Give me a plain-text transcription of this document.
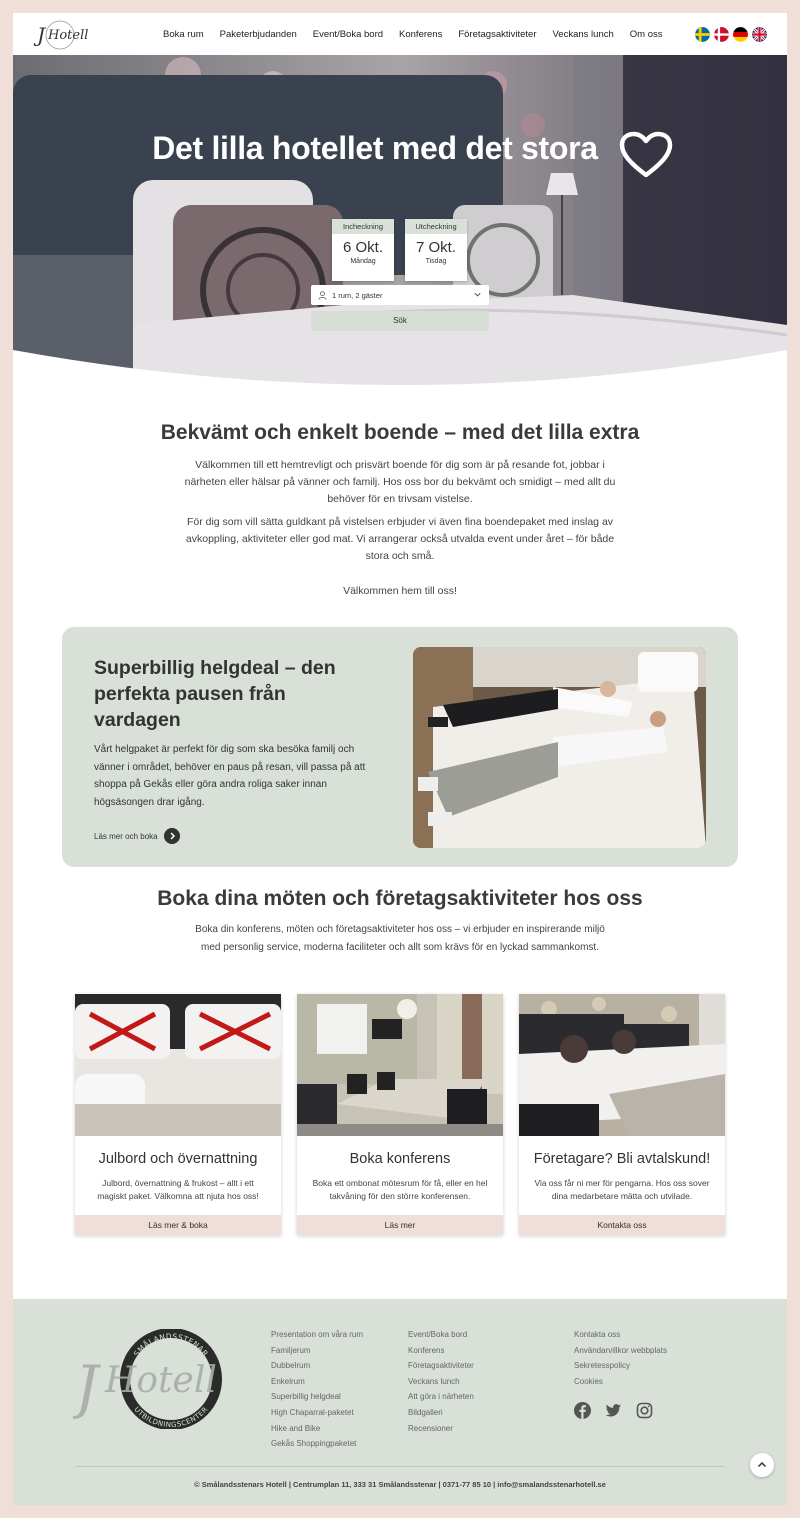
J Hotell	Boka rum Paketerbjudanden Event/Boka bord Konferens Företagsaktiviteter Veckans lunch Om oss
Det lilla hotellet med det stora
Incheckning
6 Okt.
Måndag
Utcheckning
7 Okt.
Tisdag
1 rum, 2 gäster
Sök
Bekvämt och enkelt boende – med det lilla extra

Välkommen till ett hemtrevligt och prisvärt boende för dig som är på resande fot, jobbar i närheten eller hälsar på vänner och familj. Hos oss bor du bekvämt och smidigt – med allt du behöver för en trivsam vistelse.

För dig som vill sätta guldkant på vistelsen erbjuder vi även fina boendepaket med inslag av avkoppling, aktiviteter eller god mat. Vi arrangerar också utvalda event under året – för både stora och små.

Välkommen hem till oss!

Superbillig helgdeal – den perfekta pausen från vardagen

Vårt helgpaket är perfekt för dig som ska besöka familj och vänner i området, behöver en paus på resan, vill passa på att shoppa på Gekås eller göra andra roliga saker innan högsäsongen drar igång.

Läs mer och boka
Boka dina möten och företagsaktiviteter hos oss

Boka din konferens, möten och företagsaktiviteter hos oss – vi erbjuder en inspirerande miljö med personlig service, moderna faciliteter och allt som krävs för en lyckad sammankomst.

Julbord och övernattning

Julbord, övernattning & frukost – allt i ett magiskt paket. Välkomna att njuta hos oss!

Läs mer & boka
Boka konferens

Boka ett ombonat mötesrum för få, eller en hel takvåning för den större konferensen.

Läs mer
Företagare? Bli avtalskund!

Via oss får ni mer för pengarna. Hos oss sover dina medarbetare mätta och utvilade.

Kontakta oss
SMÅLANDSSTENAR
UTBILDNINGSCENTER
J Hotell
Presentation om våra rum
Familjerum
Dubbelrum
Enkelrum
Superbillig helgdeal
High Chaparral-paketet
Hike and Bike
Gekås Shoppingpaketet
Event/Boka bord
Konferens
Företagsaktiviteter
Veckans lunch
Att göra i närheten
Bildgalleri
Recensioner
Kontakta oss
Användarvillkor webbplats
Sekretesspolicy
Cookies
© Smålandsstenars Hotell | Centrumplan 11, 333 31 Smålandsstenar | 0371-77 85 10 | info@smalandsstenarhotell.se
